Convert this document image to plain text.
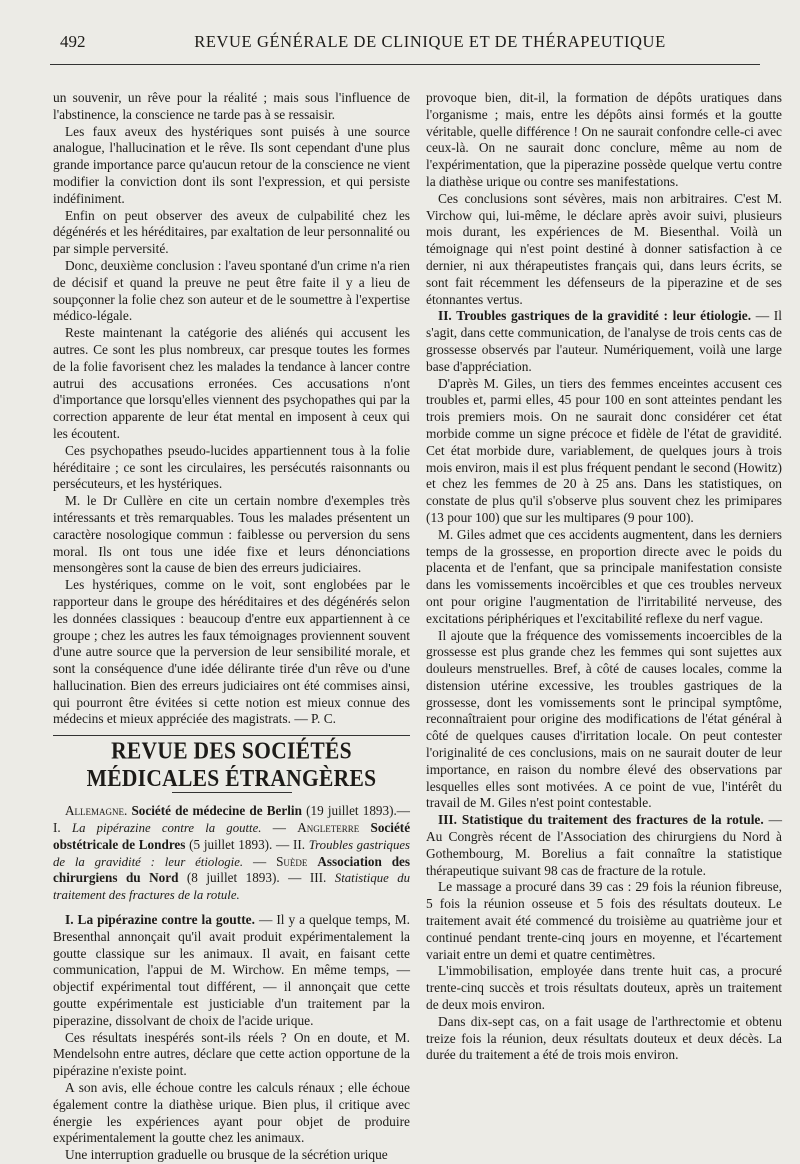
492	REVUE GÉNÉRALE DE CLINIQUE ET DE THÉRAPEUTIQUE

un souvenir, un rêve pour la réalité ; mais sous l'influence de l'abstinence, la conscience ne tarde pas à se ressaisir.

Les faux aveux des hystériques sont puisés à une source analogue, l'hallucination et le rêve. Ils sont cependant d'une plus grande importance parce qu'aucun retour de la conscience ne vient modifier la conviction dont ils sont l'expression, et qui persiste indéfiniment.

Enfin on peut observer des aveux de culpabilité chez les dégénérés et les héréditaires, par exaltation de leur personnalité ou par simple perversité.

Donc, deuxième conclusion : l'aveu spontané d'un crime n'a rien de décisif et quand la preuve ne peut être faite il y a lieu de soupçonner la folie chez son auteur et de le soumettre à l'expertise médico-légale.

Reste maintenant la catégorie des aliénés qui accusent les autres. Ce sont les plus nombreux, car presque toutes les formes de la folie favorisent chez les malades la tendance à lancer contre autrui des accusations erronées. Ces accusations n'ont d'importance que lorsqu'elles viennent des psychopathes qui par la correction apparente de leur état mental en imposent à ceux qui les écoutent.

Ces psychopathes pseudo-lucides appartiennent tous à la folie héréditaire ; ce sont les circulaires, les persécutés raisonnants ou persécuteurs, et les hystériques.

M. le Dr Cullère en cite un certain nombre d'exemples très intéressants et très remarquables. Tous les malades présentent un caractère nosologique commun : faiblesse ou perversion du sens moral. Ils ont tous une idée fixe et leurs dénonciations mensongères sont la cause de bien des erreurs judiciaires.

Les hystériques, comme on le voit, sont englobées par le rapporteur dans le groupe des héréditaires et des dégénérés selon les données classiques : beaucoup d'entre eux appartiennent à ce groupe ; chez les autres les faux témoignages proviennent souvent d'une autre source que la perversion de leur sensibilité morale, et sont la conséquence d'une idée délirante tirée d'un rêve ou d'une hallucination. Bien des erreurs judiciaires ont été commises ainsi, qui pourront être évitées si cette notion est mieux connue des médecins et mieux appréciée des magistrats. — P. C.

REVUE DES SOCIÉTÉS MÉDICALES ÉTRANGÈRES

Allemagne. Société de médecine de Berlin (19 juillet 1893).— I. La pipérazine contre la goutte. — Angleterre Société obstétricale de Londres (5 juillet 1893). — II. Troubles gastriques de la gravidité : leur étiologie. — Suède Association des chirurgiens du Nord (8 juillet 1893). — III. Statistique du traitement des fractures de la rotule.

I. La pipérazine contre la goutte. — Il y a quelque temps, M. Bresenthal annonçait qu'il avait produit expérimentalement la goutte classique sur les animaux. Il avait, en faisant cette communication, l'appui de M. Wirchow. En même temps, — objectif expérimental tout différent, — il annonçait que cette goutte expérimentale est justiciable d'un traitement par la piperazine, dissolvant de choix de l'acide urique.

Ces résultats inespérés sont-ils réels ? On en doute, et M. Mendelsohn entre autres, déclare que cette action opportune de la pipérazine n'existe point.

A son avis, elle échoue contre les calculs rénaux ; elle échoue également contre la diathèse urique. Bien plus, il critique avec énergie les expériences ayant pour objet de produire expérimentalement la goutte chez les animaux.

Une interruption graduelle ou brusque de la sécrétion urique

provoque bien, dit-il, la formation de dépôts uratiques dans l'organisme ; mais, entre les dépôts ainsi formés et la goutte véritable, quelle différence ! On ne saurait confondre celle-ci avec ceux-là. On ne saurait donc conclure, même au nom de l'expérimentation, que la piperazine possède quelque vertu contre la diathèse urique ou contre ses manifestations.

Ces conclusions sont sévères, mais non arbitraires. C'est M. Virchow qui, lui-même, le déclare après avoir suivi, plusieurs mois durant, les expériences de M. Biesenthal. Voilà un témoignage qui n'est point destiné à donner satisfaction à ce dernier, ni aux thérapeutistes français qui, dans leurs écrits, se sont fait récemment les défenseurs de la piperazine et de ses étonnantes vertus.

II. Troubles gastriques de la gravidité : leur étiologie. — Il s'agit, dans cette communication, de l'analyse de trois cents cas de grossesse observés par l'auteur. Numériquement, voilà une large base d'appréciation.

D'après M. Giles, un tiers des femmes enceintes accusent ces troubles et, parmi elles, 45 pour 100 en sont atteintes pendant les trois premiers mois. On ne saurait donc considérer cet état morbide comme un signe précoce et fidèle de l'état de gravidité. Cet état morbide dure, variablement, de quelques jours à trois mois environ, mais il est plus fréquent pendant le second (Howitz) et chez les femmes de 20 à 25 ans. Dans les statistiques, on constate de plus qu'il s'observe plus souvent chez les primipares (13 pour 100) que sur les multipares (9 pour 100).

M. Giles admet que ces accidents augmentent, dans les derniers temps de la grossesse, en proportion directe avec le poids du placenta et de l'enfant, que sa principale manifestation consiste dans les vomissements incoërcibles et que ces troubles nerveux ont pour origine l'augmentation de l'irritabilité nerveuse, des excitations périphériques et l'excitabilité reflexe du nerf vague.

Il ajoute que la fréquence des vomissements incoercibles de la grossesse est plus grande chez les femmes qui sont sujettes aux douleurs menstruelles. Bref, à côté de causes locales, comme la distension utérine excessive, les troubles gastriques de la grossesse, dont les vomissements sont le principal symptôme, reconnaîtraient pour origine des modifications de l'état général à côté de quelques causes d'irritation locale. On peut contester l'originalité de ces conclusions, mais on ne saurait douter de leur importance, en raison du nombre élevé des observations par lesquelles elles sont motivées. A ce point de vue, l'intérêt du travail de M. Giles n'est point contestable.

III. Statistique du traitement des fractures de la rotule. — Au Congrès récent de l'Association des chirurgiens du Nord à Gothembourg, M. Borelius a fait connaître la statistique thérapeutique suivant 98 cas de fracture de la rotule.

Le massage a procuré dans 39 cas : 29 fois la réunion fibreuse, 5 fois la réunion osseuse et 5 fois des résultats douteux. Le traitement avait été commencé du troisième au quatrième jour et continué pendant trente-cinq jours en moyenne, et l'écartement variait entre un demi et quatre centimètres.

L'immobilisation, employée dans trente huit cas, a procuré trente-cinq succès et trois résultats douteux, après un traitement de deux mois environ.

Dans dix-sept cas, on a fait usage de l'arthrectomie et obtenu treize fois la réunion, deux résultats douteux et deux décès. La durée du traitement a été de trois mois environ.
